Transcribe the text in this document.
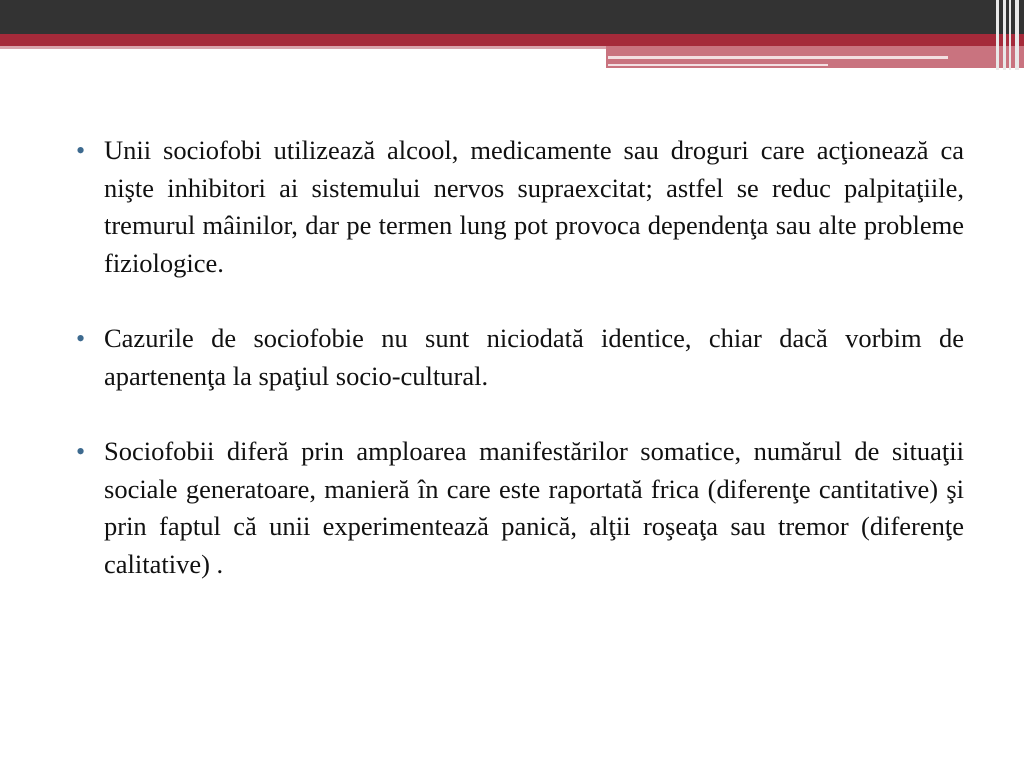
• Unii sociofobi utilizează alcool, medicamente sau droguri care acţionează ca nişte inhibitori ai sistemului nervos supraexcitat; astfel se reduc palpitaţiile, tremurul mâinilor, dar pe termen lung pot provoca dependenţa sau alte probleme fiziologice.

• Cazurile de sociofobie nu sunt niciodată identice, chiar dacă vorbim de apartenenţa la spaţiul socio-cultural.

• Sociofobii diferă prin amploarea manifestărilor somatice, numărul de situaţii sociale generatoare, manieră în care este raportată frica (diferenţe cantitative) şi prin faptul că unii experimentează panică, alţii roşeaţa sau tremor (diferenţe calitative) .
